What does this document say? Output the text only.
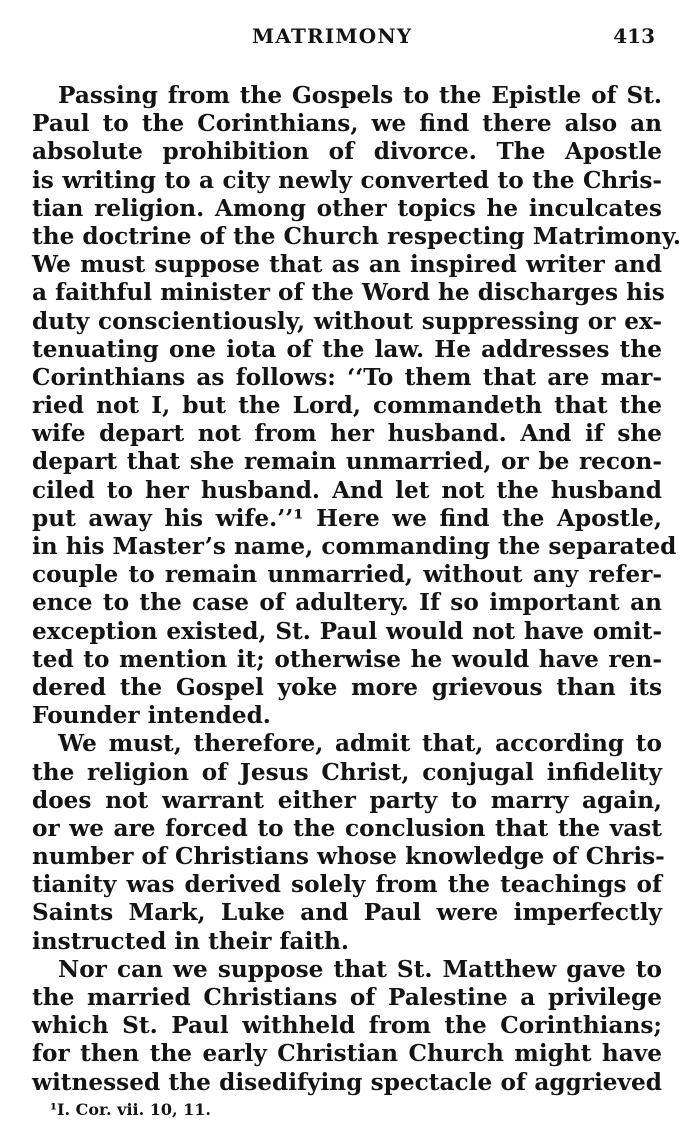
MATRIMONY	413
Passing from the Gospels to the Epistle of St.
Paul to the Corinthians, we find there also an
absolute prohibition of divorce. The Apostle
is writing to a city newly converted to the Chris-
tian religion. Among other topics he inculcates
the doctrine of the Church respecting Matrimony.
We must suppose that as an inspired writer and
a faithful minister of the Word he discharges his
duty conscientiously, without suppressing or ex-
tenuating one iota of the law. He addresses the
Corinthians as follows: ‘‘To them that are mar-
ried not I, but the Lord, commandeth that the
wife depart not from her husband. And if she
depart that she remain unmarried, or be recon-
ciled to her husband. And let not the husband
put away his wife.’’¹ Here we find the Apostle,
in his Master’s name, commanding the separated
couple to remain unmarried, without any refer-
ence to the case of adultery. If so important an
exception existed, St. Paul would not have omit-
ted to mention it; otherwise he would have ren-
dered the Gospel yoke more grievous than its
Founder intended.
We must, therefore, admit that, according to
the religion of Jesus Christ, conjugal infidelity
does not warrant either party to marry again,
or we are forced to the conclusion that the vast
number of Christians whose knowledge of Chris-
tianity was derived solely from the teachings of
Saints Mark, Luke and Paul were imperfectly
instructed in their faith.
Nor can we suppose that St. Matthew gave to
the married Christians of Palestine a privilege
which St. Paul withheld from the Corinthians;
for then the early Christian Church might have
witnessed the disedifying spectacle of aggrieved
¹I. Cor. vii. 10, 11.
